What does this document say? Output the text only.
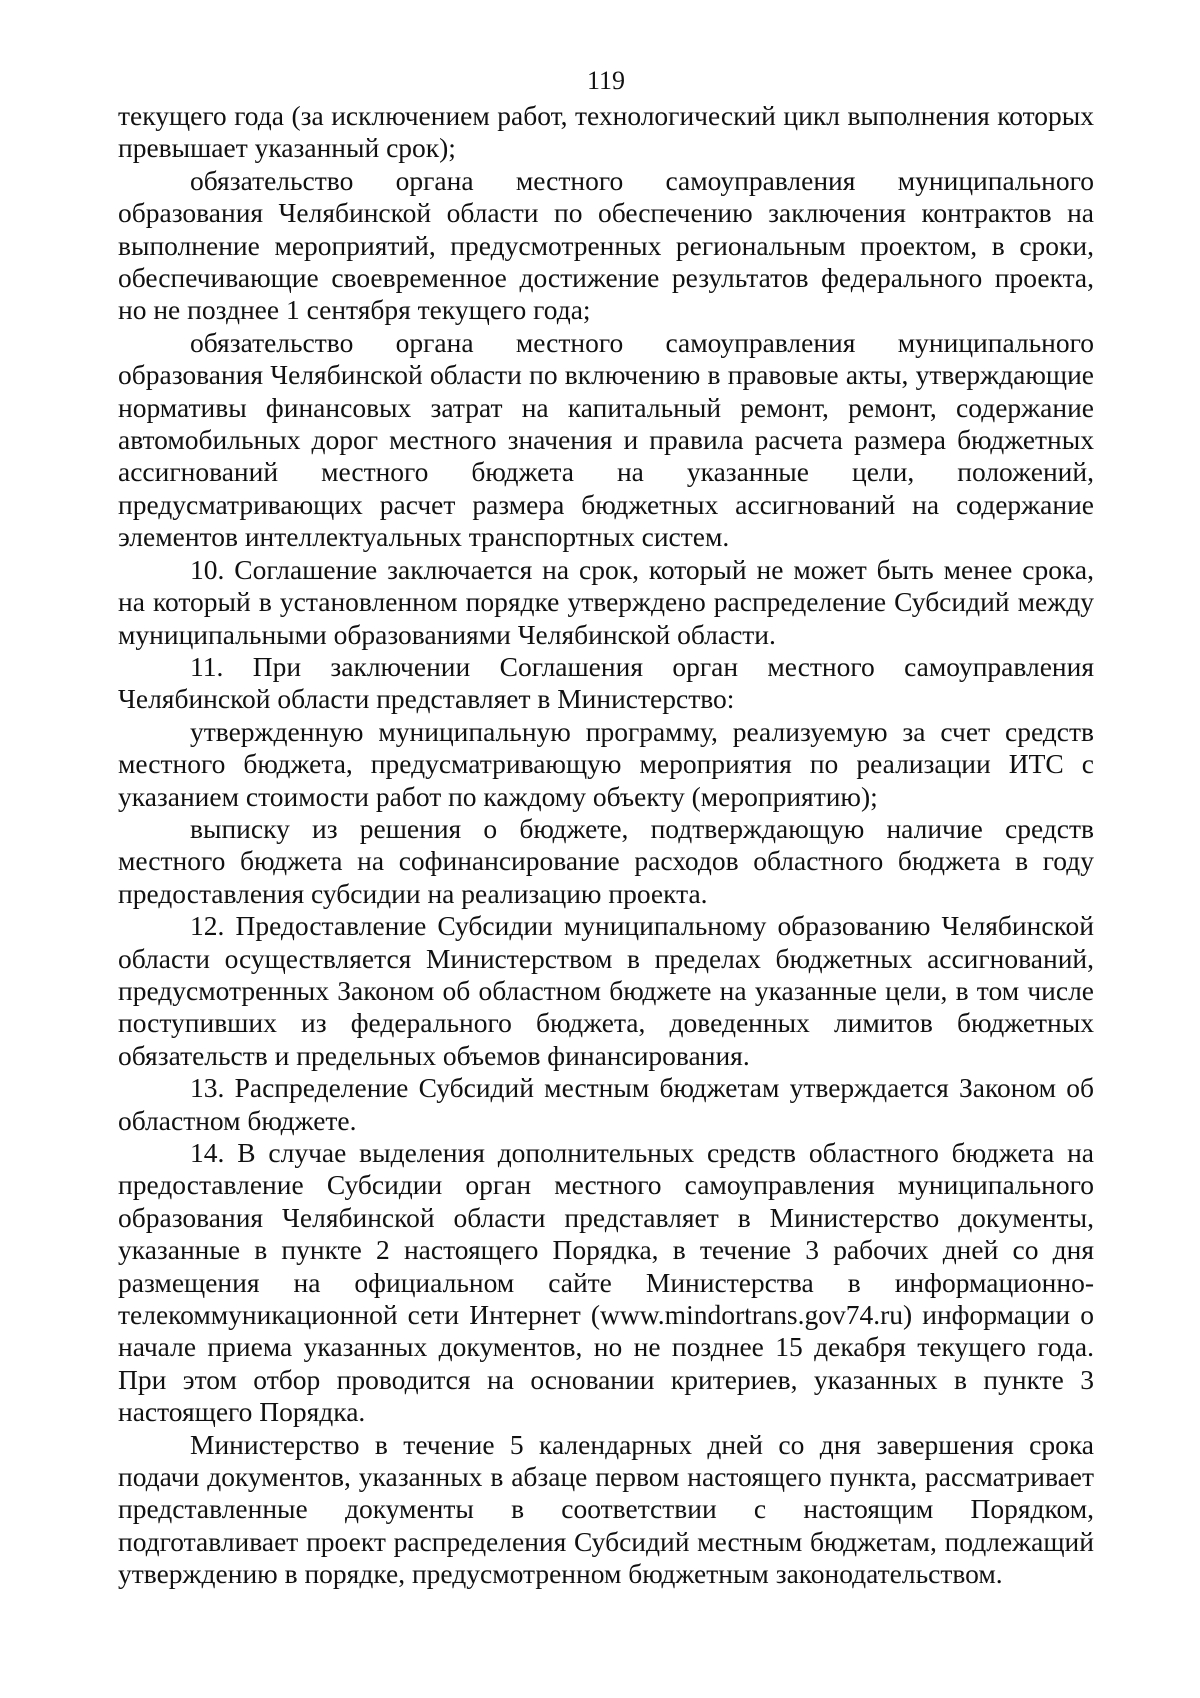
119

текущего года (за исключением работ, технологический цикл выполнения которых превышает указанный срок);

обязательство органа местного самоуправления муниципального образования Челябинской области по обеспечению заключения контрактов на выполнение мероприятий, предусмотренных региональным проектом, в сроки, обеспечивающие своевременное достижение результатов федерального проекта, но не позднее 1 сентября текущего года;

обязательство органа местного самоуправления муниципального образования Челябинской области по включению в правовые акты, утверждающие нормативы финансовых затрат на капитальный ремонт, ремонт, содержание автомобильных дорог местного значения и правила расчета размера бюджетных ассигнований местного бюджета на указанные цели, положений, предусматривающих расчет размера бюджетных ассигнований на содержание элементов интеллектуальных транспортных систем.

10. Соглашение заключается на срок, который не может быть менее срока, на который в установленном порядке утверждено распределение Субсидий между муниципальными образованиями Челябинской области.

11. При заключении Соглашения орган местного самоуправления Челябинской области представляет в Министерство:

утвержденную муниципальную программу, реализуемую за счет средств местного бюджета, предусматривающую мероприятия по реализации ИТС с указанием стоимости работ по каждому объекту (мероприятию);

выписку из решения о бюджете, подтверждающую наличие средств местного бюджета на софинансирование расходов областного бюджета в году предоставления субсидии на реализацию проекта.

12. Предоставление Субсидии муниципальному образованию Челябинской области осуществляется Министерством в пределах бюджетных ассигнований, предусмотренных Законом об областном бюджете на указанные цели, в том числе поступивших из федерального бюджета, доведенных лимитов бюджетных обязательств и предельных объемов финансирования.

13. Распределение Субсидий местным бюджетам утверждается Законом об областном бюджете.

14. В случае выделения дополнительных средств областного бюджета на предоставление Субсидии орган местного самоуправления муниципального образования Челябинской области представляет в Министерство документы, указанные в пункте 2 настоящего Порядка, в течение 3 рабочих дней со дня размещения на официальном сайте Министерства в информационно-телекоммуникационной сети Интернет (www.mindortrans.gov74.ru) информации о начале приема указанных документов, но не позднее 15 декабря текущего года. При этом отбор проводится на основании критериев, указанных в пункте 3 настоящего Порядка.

Министерство в течение 5 календарных дней со дня завершения срока подачи документов, указанных в абзаце первом настоящего пункта, рассматривает представленные документы в соответствии с настоящим Порядком, подготавливает проект распределения Субсидий местным бюджетам, подлежащий утверждению в порядке, предусмотренном бюджетным законодательством.
